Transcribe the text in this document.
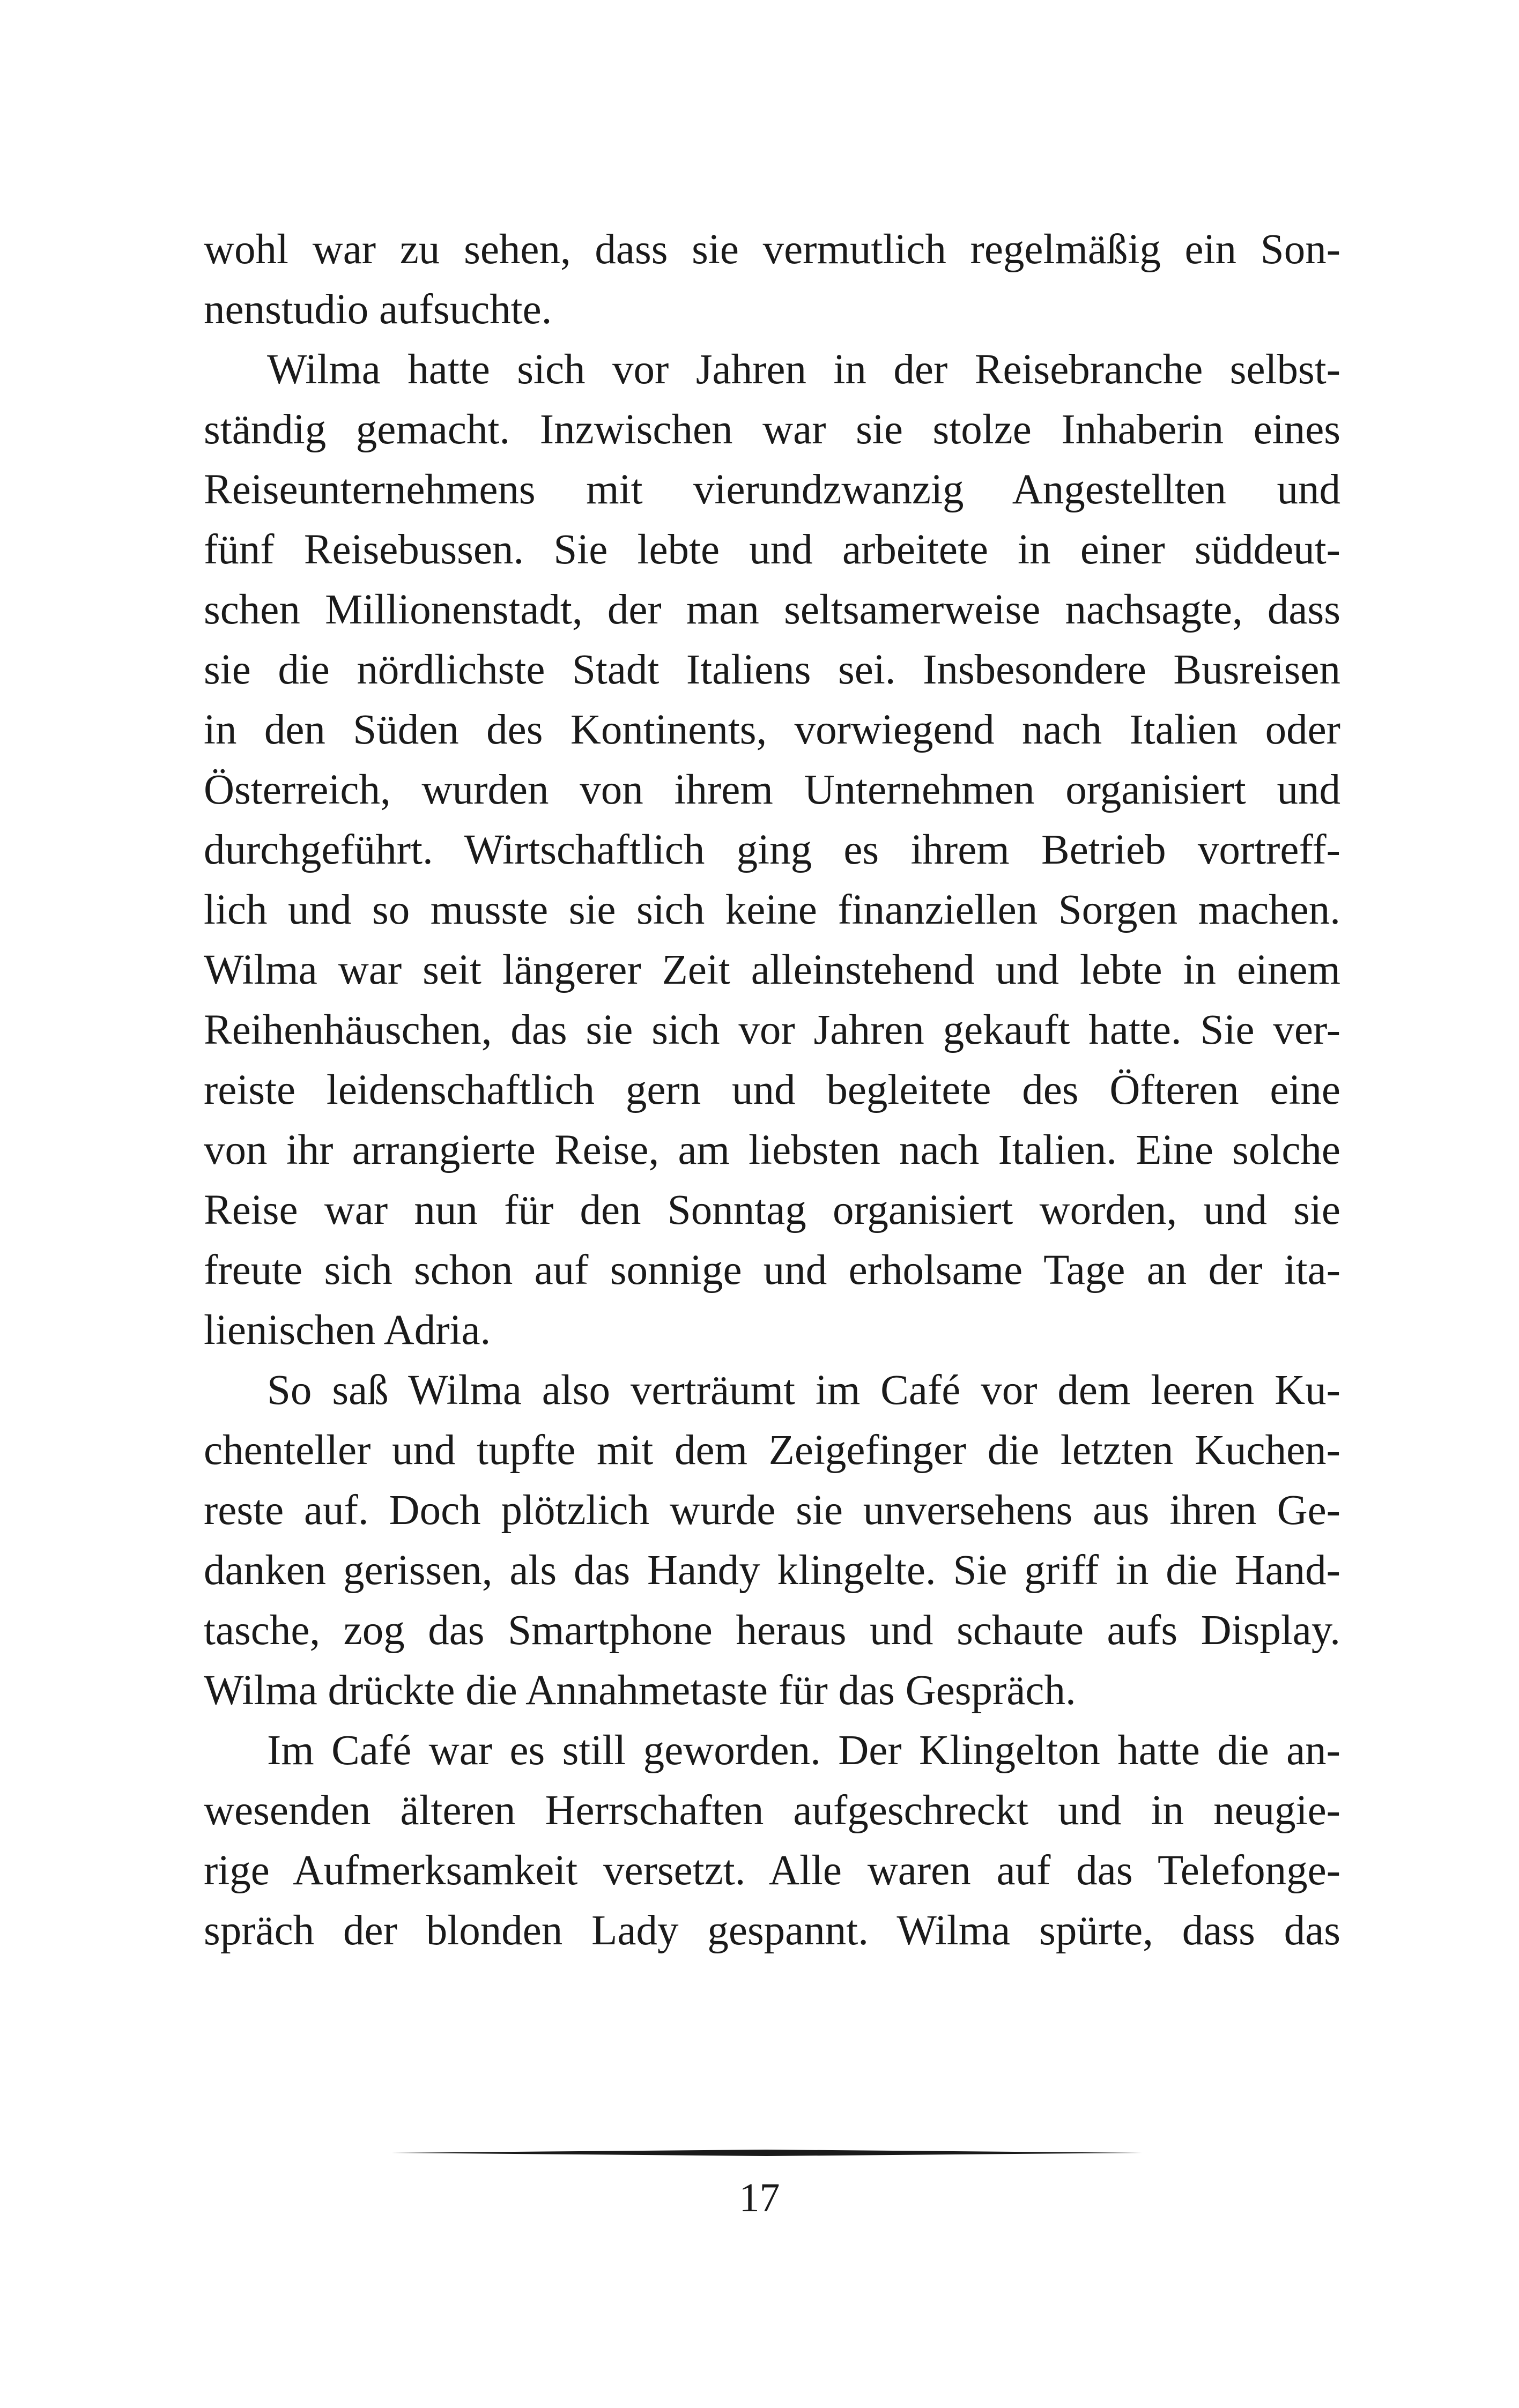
wohl war zu sehen, dass sie vermutlich regelmäßig ein Son-
nenstudio aufsuchte.
Wilma hatte sich vor Jahren in der Reisebranche selbst-
ständig gemacht. Inzwischen war sie stolze Inhaberin eines
Reiseunternehmens mit vierundzwanzig Angestellten und
fünf Reisebussen. Sie lebte und arbeitete in einer süddeut-
schen Millionenstadt, der man seltsamerweise nachsagte, dass
sie die nördlichste Stadt Italiens sei. Insbesondere Busreisen
in den Süden des Kontinents, vorwiegend nach Italien oder
Österreich, wurden von ihrem Unternehmen organisiert und
durchgeführt. Wirtschaftlich ging es ihrem Betrieb vortreff-
lich und so musste sie sich keine finanziellen Sorgen machen.
Wilma war seit längerer Zeit alleinstehend und lebte in einem
Reihenhäuschen, das sie sich vor Jahren gekauft hatte. Sie ver-
reiste leidenschaftlich gern und begleitete des Öfteren eine
von ihr arrangierte Reise, am liebsten nach Italien. Eine solche
Reise war nun für den Sonntag organisiert worden, und sie
freute sich schon auf sonnige und erholsame Tage an der ita-
lienischen Adria.
So saß Wilma also verträumt im Café vor dem leeren Ku-
chenteller und tupfte mit dem Zeigefinger die letzten Kuchen-
reste auf. Doch plötzlich wurde sie unversehens aus ihren Ge-
danken gerissen, als das Handy klingelte. Sie griff in die Hand-
tasche, zog das Smartphone heraus und schaute aufs Display.
Wilma drückte die Annahmetaste für das Gespräch.
Im Café war es still geworden. Der Klingelton hatte die an-
wesenden älteren Herrschaften aufgeschreckt und in neugie-
rige Aufmerksamkeit versetzt. Alle waren auf das Telefonge-
spräch der blonden Lady gespannt. Wilma spürte, dass das
17
